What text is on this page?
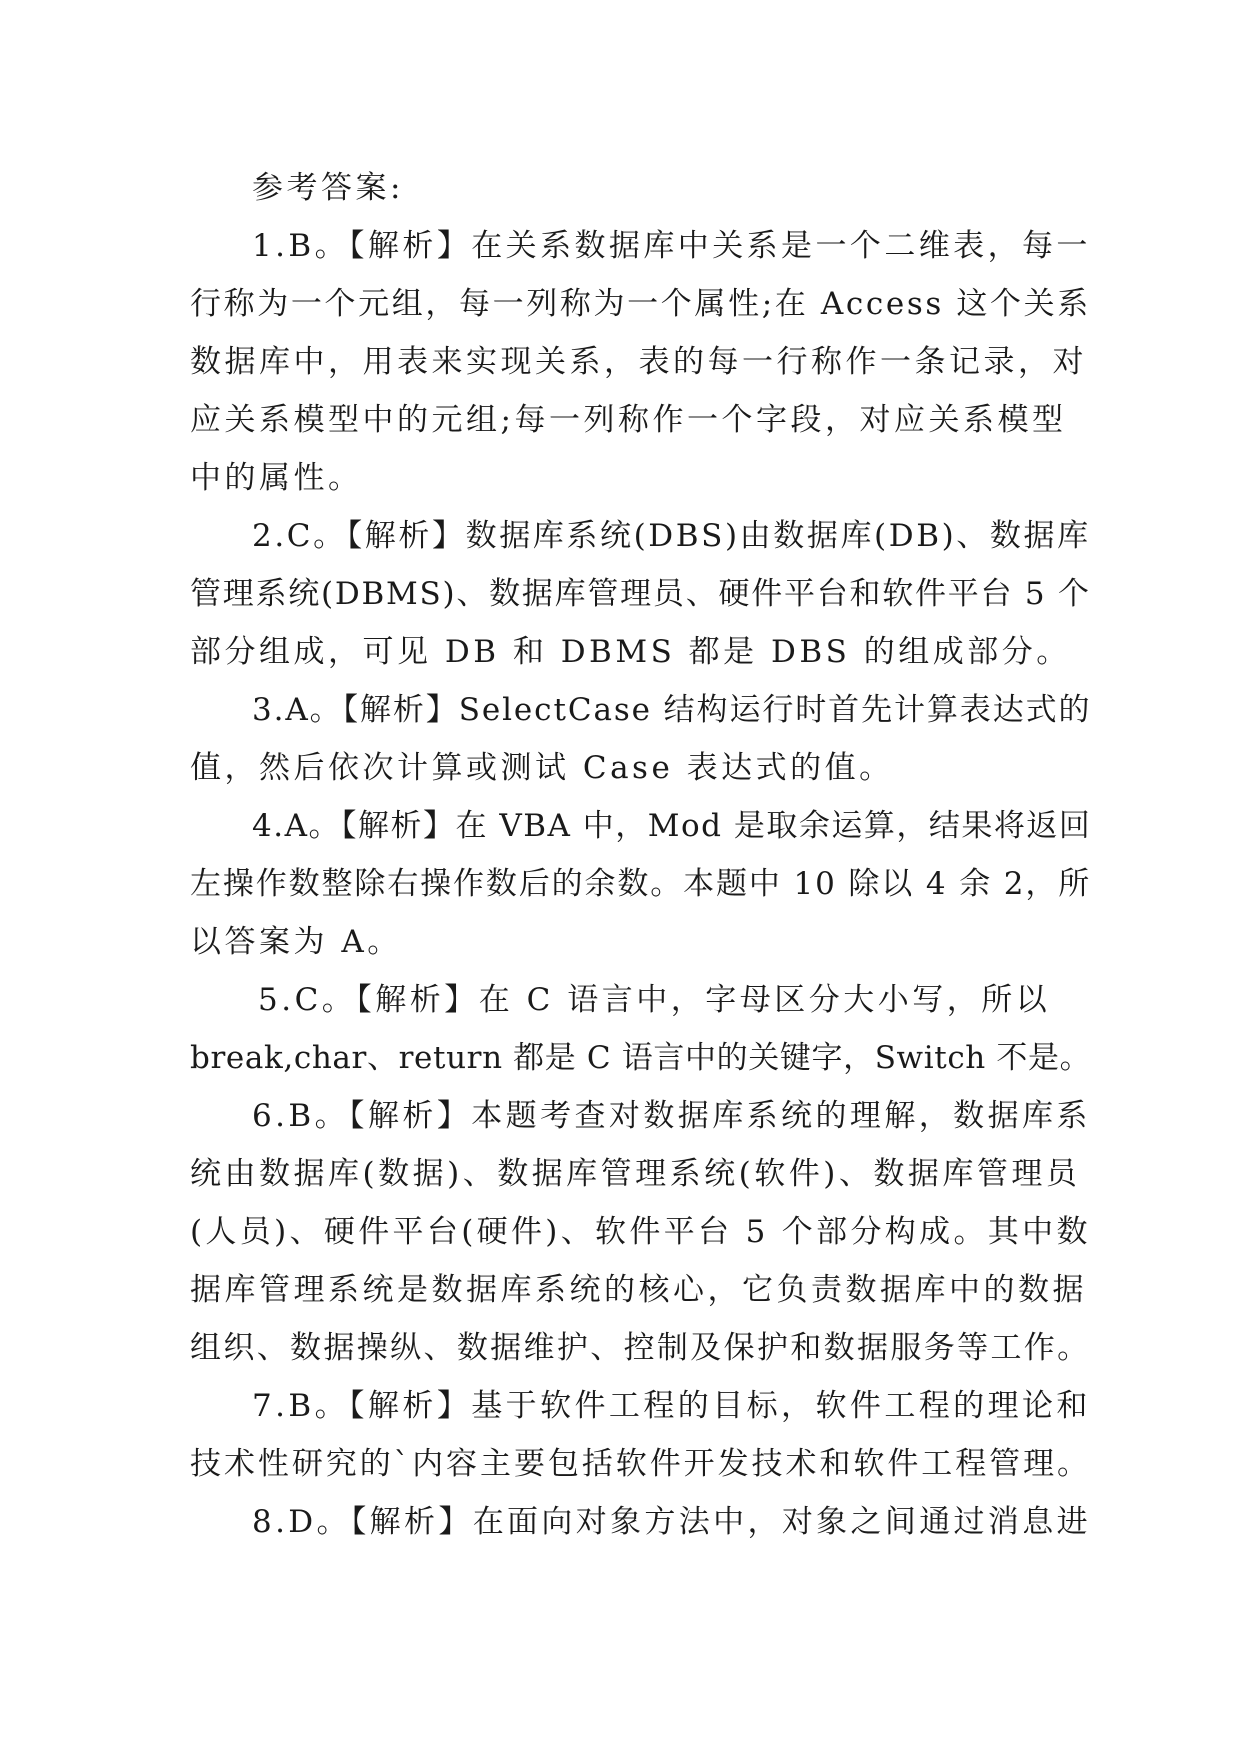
参考答案:
1.B。【解析】在关系数据库中关系是一个二维表，每一
行称为一个元组，每一列称为一个属性;在 Access 这个关系
数据库中，用表来实现关系，表的每一行称作一条记录，对
应关系模型中的元组;每一列称作一个字段，对应关系模型
中的属性。
2.C。【解析】数据库系统(DBS)由数据库(DB)、数据库
管理系统(DBMS)、数据库管理员、硬件平台和软件平台 5 个
部分组成，可见 DB 和 DBMS 都是 DBS 的组成部分。
3.A。【解析】SelectCase 结构运行时首先计算表达式的
值，然后依次计算或测试 Case 表达式的值。
4.A。【解析】在 VBA 中，Mod 是取余运算，结果将返回
左操作数整除右操作数后的余数。本题中 10 除以 4 余 2，所
以答案为 A。
5.C。【解析】在 C 语言中，字母区分大小写，所以
break,char、return 都是 C 语言中的关键字，Switch 不是。
6.B。【解析】本题考查对数据库系统的理解，数据库系
统由数据库(数据)、数据库管理系统(软件)、数据库管理员
(人员)、硬件平台(硬件)、软件平台 5 个部分构成。其中数
据库管理系统是数据库系统的核心，它负责数据库中的数据
组织、数据操纵、数据维护、控制及保护和数据服务等工作。
7.B。【解析】基于软件工程的目标，软件工程的理论和
技术性研究的`内容主要包括软件开发技术和软件工程管理。
8.D。【解析】在面向对象方法中，对象之间通过消息进
